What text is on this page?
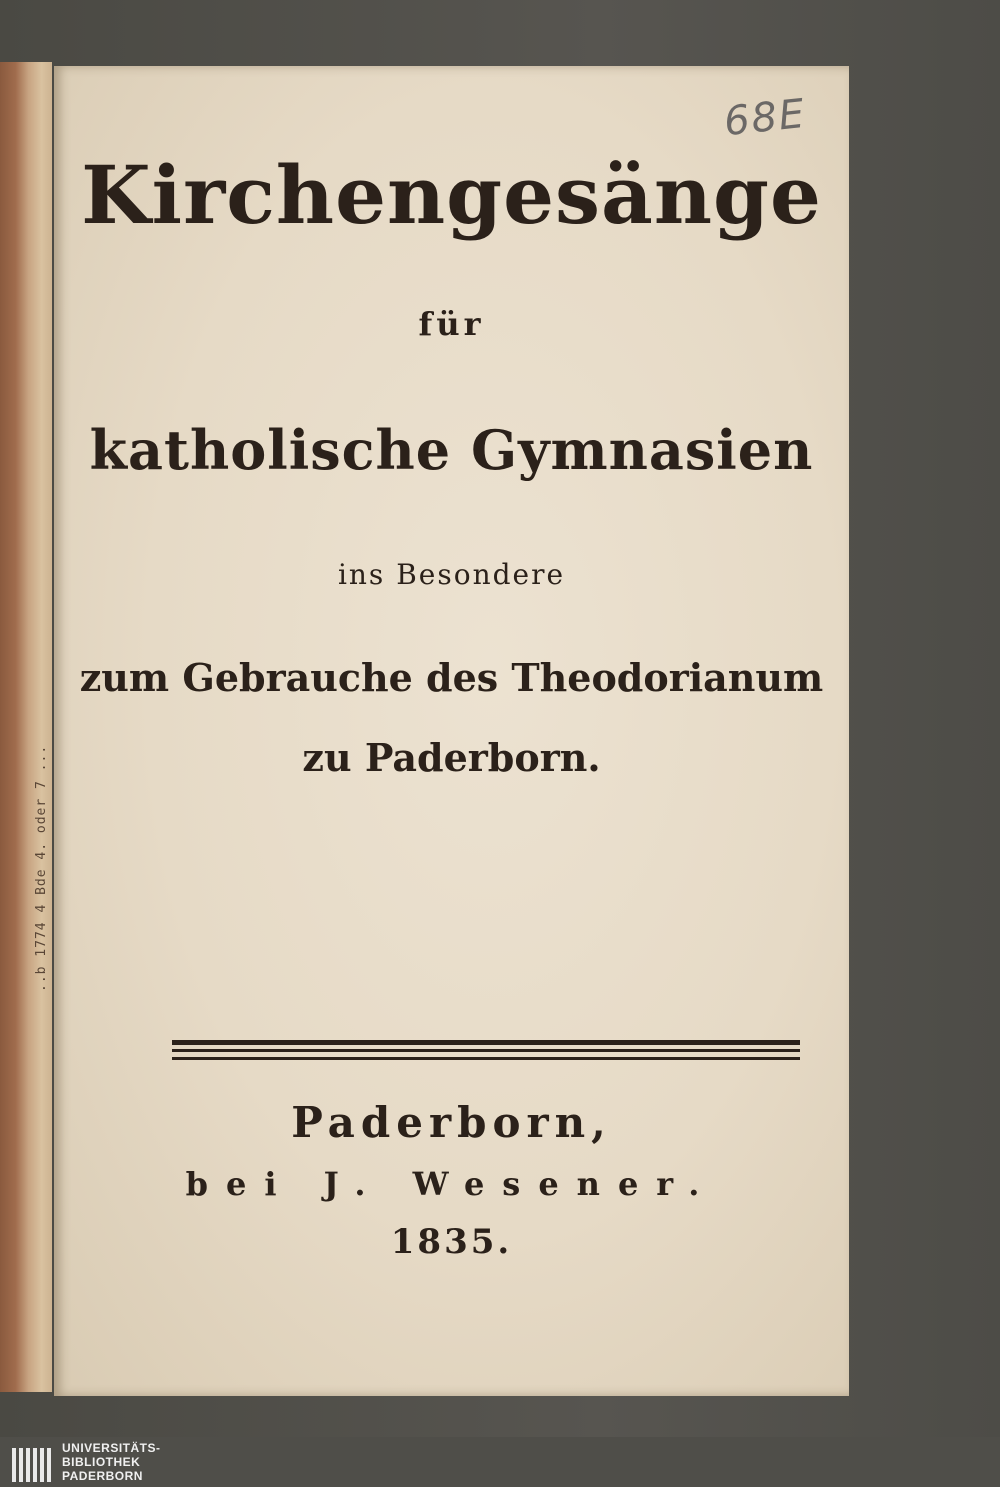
..b 1774 4 Bde 4. oder 7 ...
68E
Kirchengesänge
für
katholische Gymnasien
ins Besondere
zum Gebrauche des Theodorianum
zu Paderborn.
Paderborn,
bei J. Wesener.
1835.
UNIVERSITÄTS-
BIBLIOTHEK
PADERBORN
